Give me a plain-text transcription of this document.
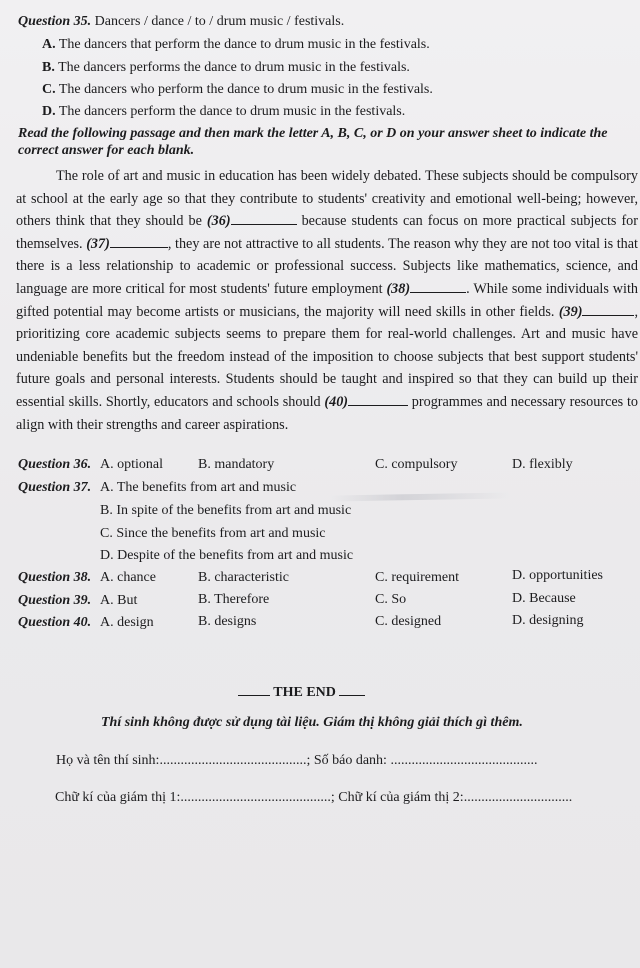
Question 35. Dancers / dance / to / drum music / festivals.
A. The dancers that perform the dance to drum music in the festivals.
B. The dancers performs the dance to drum music in the festivals.
C. The dancers who perform the dance to drum music in the festivals.
D. The dancers perform the dance to drum music in the festivals.
Read the following passage and then mark the letter A, B, C, or D on your answer sheet to indicate the correct answer for each blank.
The role of art and music in education has been widely debated. These subjects should be compulsory at school at the early age so that they contribute to students' creativity and emotional well-being; however, others think that they should be (36)	because students can focus on more practical subjects for themselves. (37)	, they are not attractive to all students. The reason why they are not too vital is that there is a less relationship to academic or professional success. Subjects like mathematics, science, and language are more critical for most students' future employment (38)	. While some individuals with gifted potential may become artists or musicians, the majority will need skills in other fields. (39)	, prioritizing core academic subjects seems to prepare them for real-world challenges. Art and music have undeniable benefits but the freedom instead of the imposition to choose subjects that best support students' future goals and personal interests. Students should be taught and inspired so that they can build up their essential skills. Shortly, educators and schools should (40)	programmes and necessary resources to align with their strengths and career aspirations.
Question 36. A. optional	B. mandatory	C. compulsory	D. flexibly
Question 37. A. The benefits from art and music
B. In spite of the benefits from art and music
C. Since the benefits from art and music
D. Despite of the benefits from art and music
Question 38. A. chance	B. characteristic	C. requirement	D. opportunities
Question 39. A. But	B. Therefore	C. So	D. Because
Question 40. A. design	B. designs	C. designed	D. designing
THE END
Thí sinh không được sử dụng tài liệu. Giám thị không giải thích gì thêm.
Họ và tên thí sinh:..........................................; Số báo danh: ..........................................
Chữ kí của giám thị 1:...........................................; Chữ kí của giám thị 2:...............................
